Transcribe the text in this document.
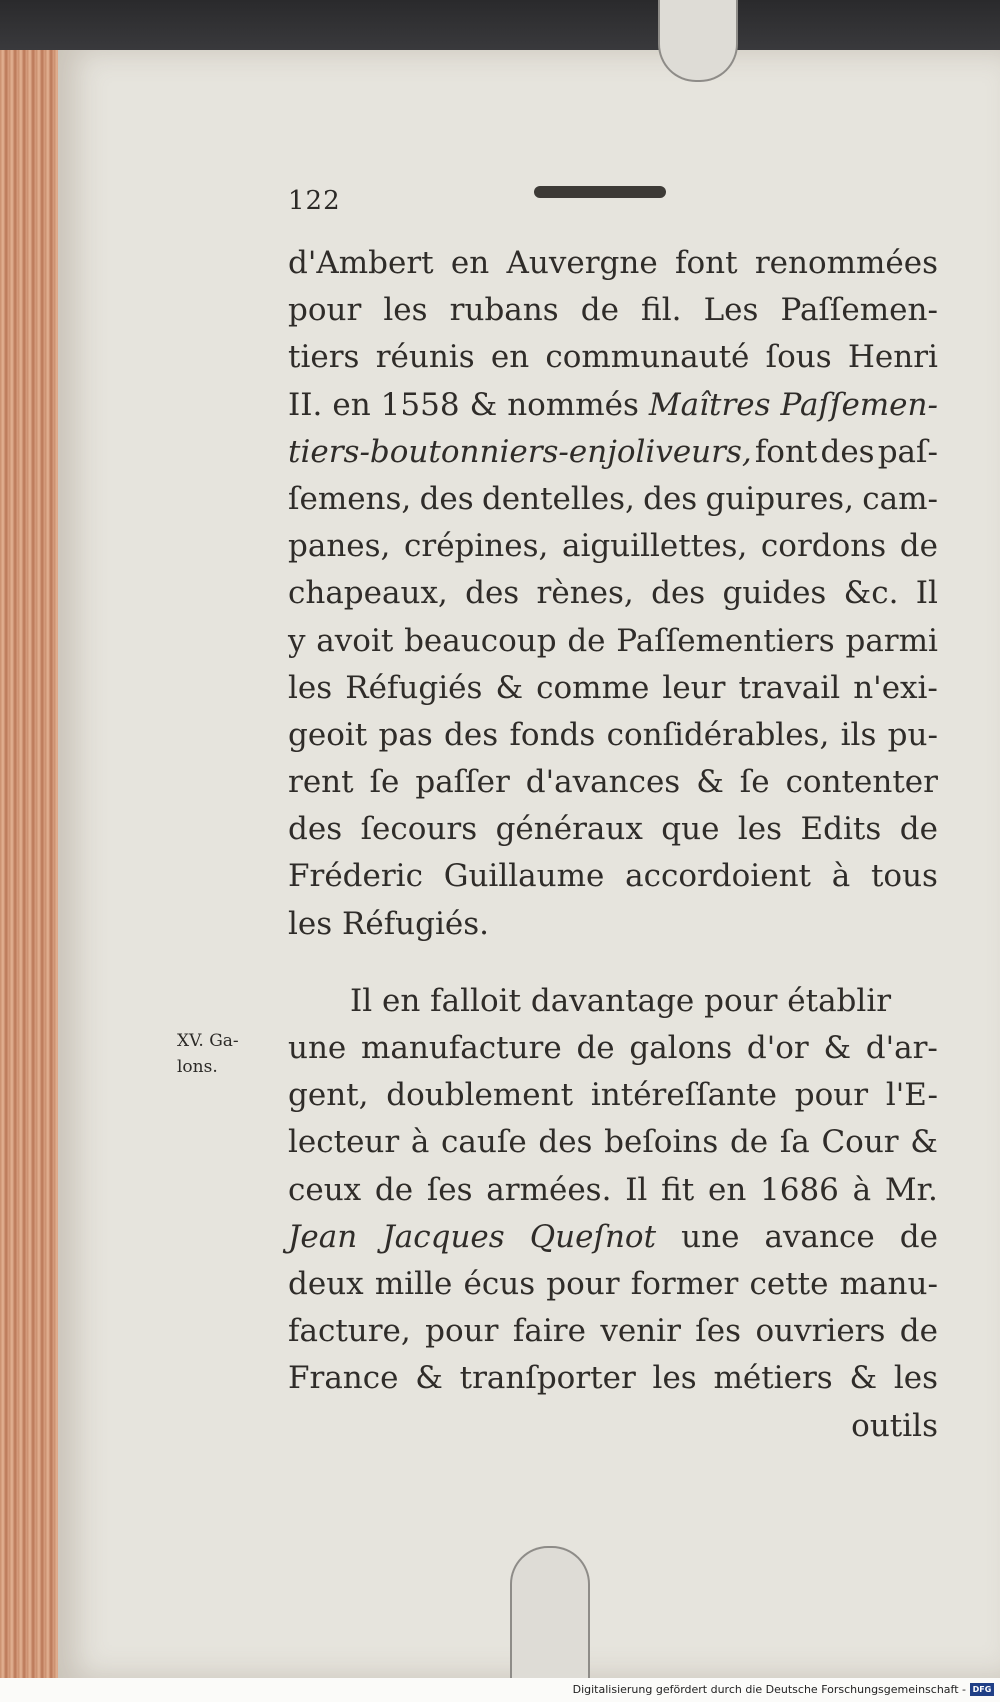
122
d'Ambert en Auvergne font renommées
pour les rubans de fil. Les Paſſemen-
tiers réunis en communauté ſous Henri
II. en 1558 & nommés Maîtres Paſſemen-
tiers-boutonniers-enjoliveurs, font des paſ-
ſemens, des dentelles, des guipures, cam-
panes, crépines, aiguillettes, cordons de
chapeaux, des rènes, des guides &c. Il
y avoit beaucoup de Paſſementiers parmi
les Réfugiés & comme leur travail n'exi-
geoit pas des fonds conſidérables, ils pu-
rent ſe paſſer d'avances & ſe contenter
des ſecours généraux que les Edits de
Fréderic Guillaume accordoient à tous
les Réfugiés.
Il en falloit davantage pour établir
une manufacture de galons d'or & d'ar-
gent, doublement intéreſſante pour l'E-
lecteur à cauſe des beſoins de ſa Cour &
ceux de ſes armées. Il fit en 1686 à Mr.
Jean Jacques Queſnot une avance de
deux mille écus pour former cette manu-
facture, pour faire venir ſes ouvriers de
France & tranſporter les métiers & les
outils
XV. Ga-
lons.
Digitalisierung gefördert durch die Deutsche Forschungsgemeinschaft - DFG
